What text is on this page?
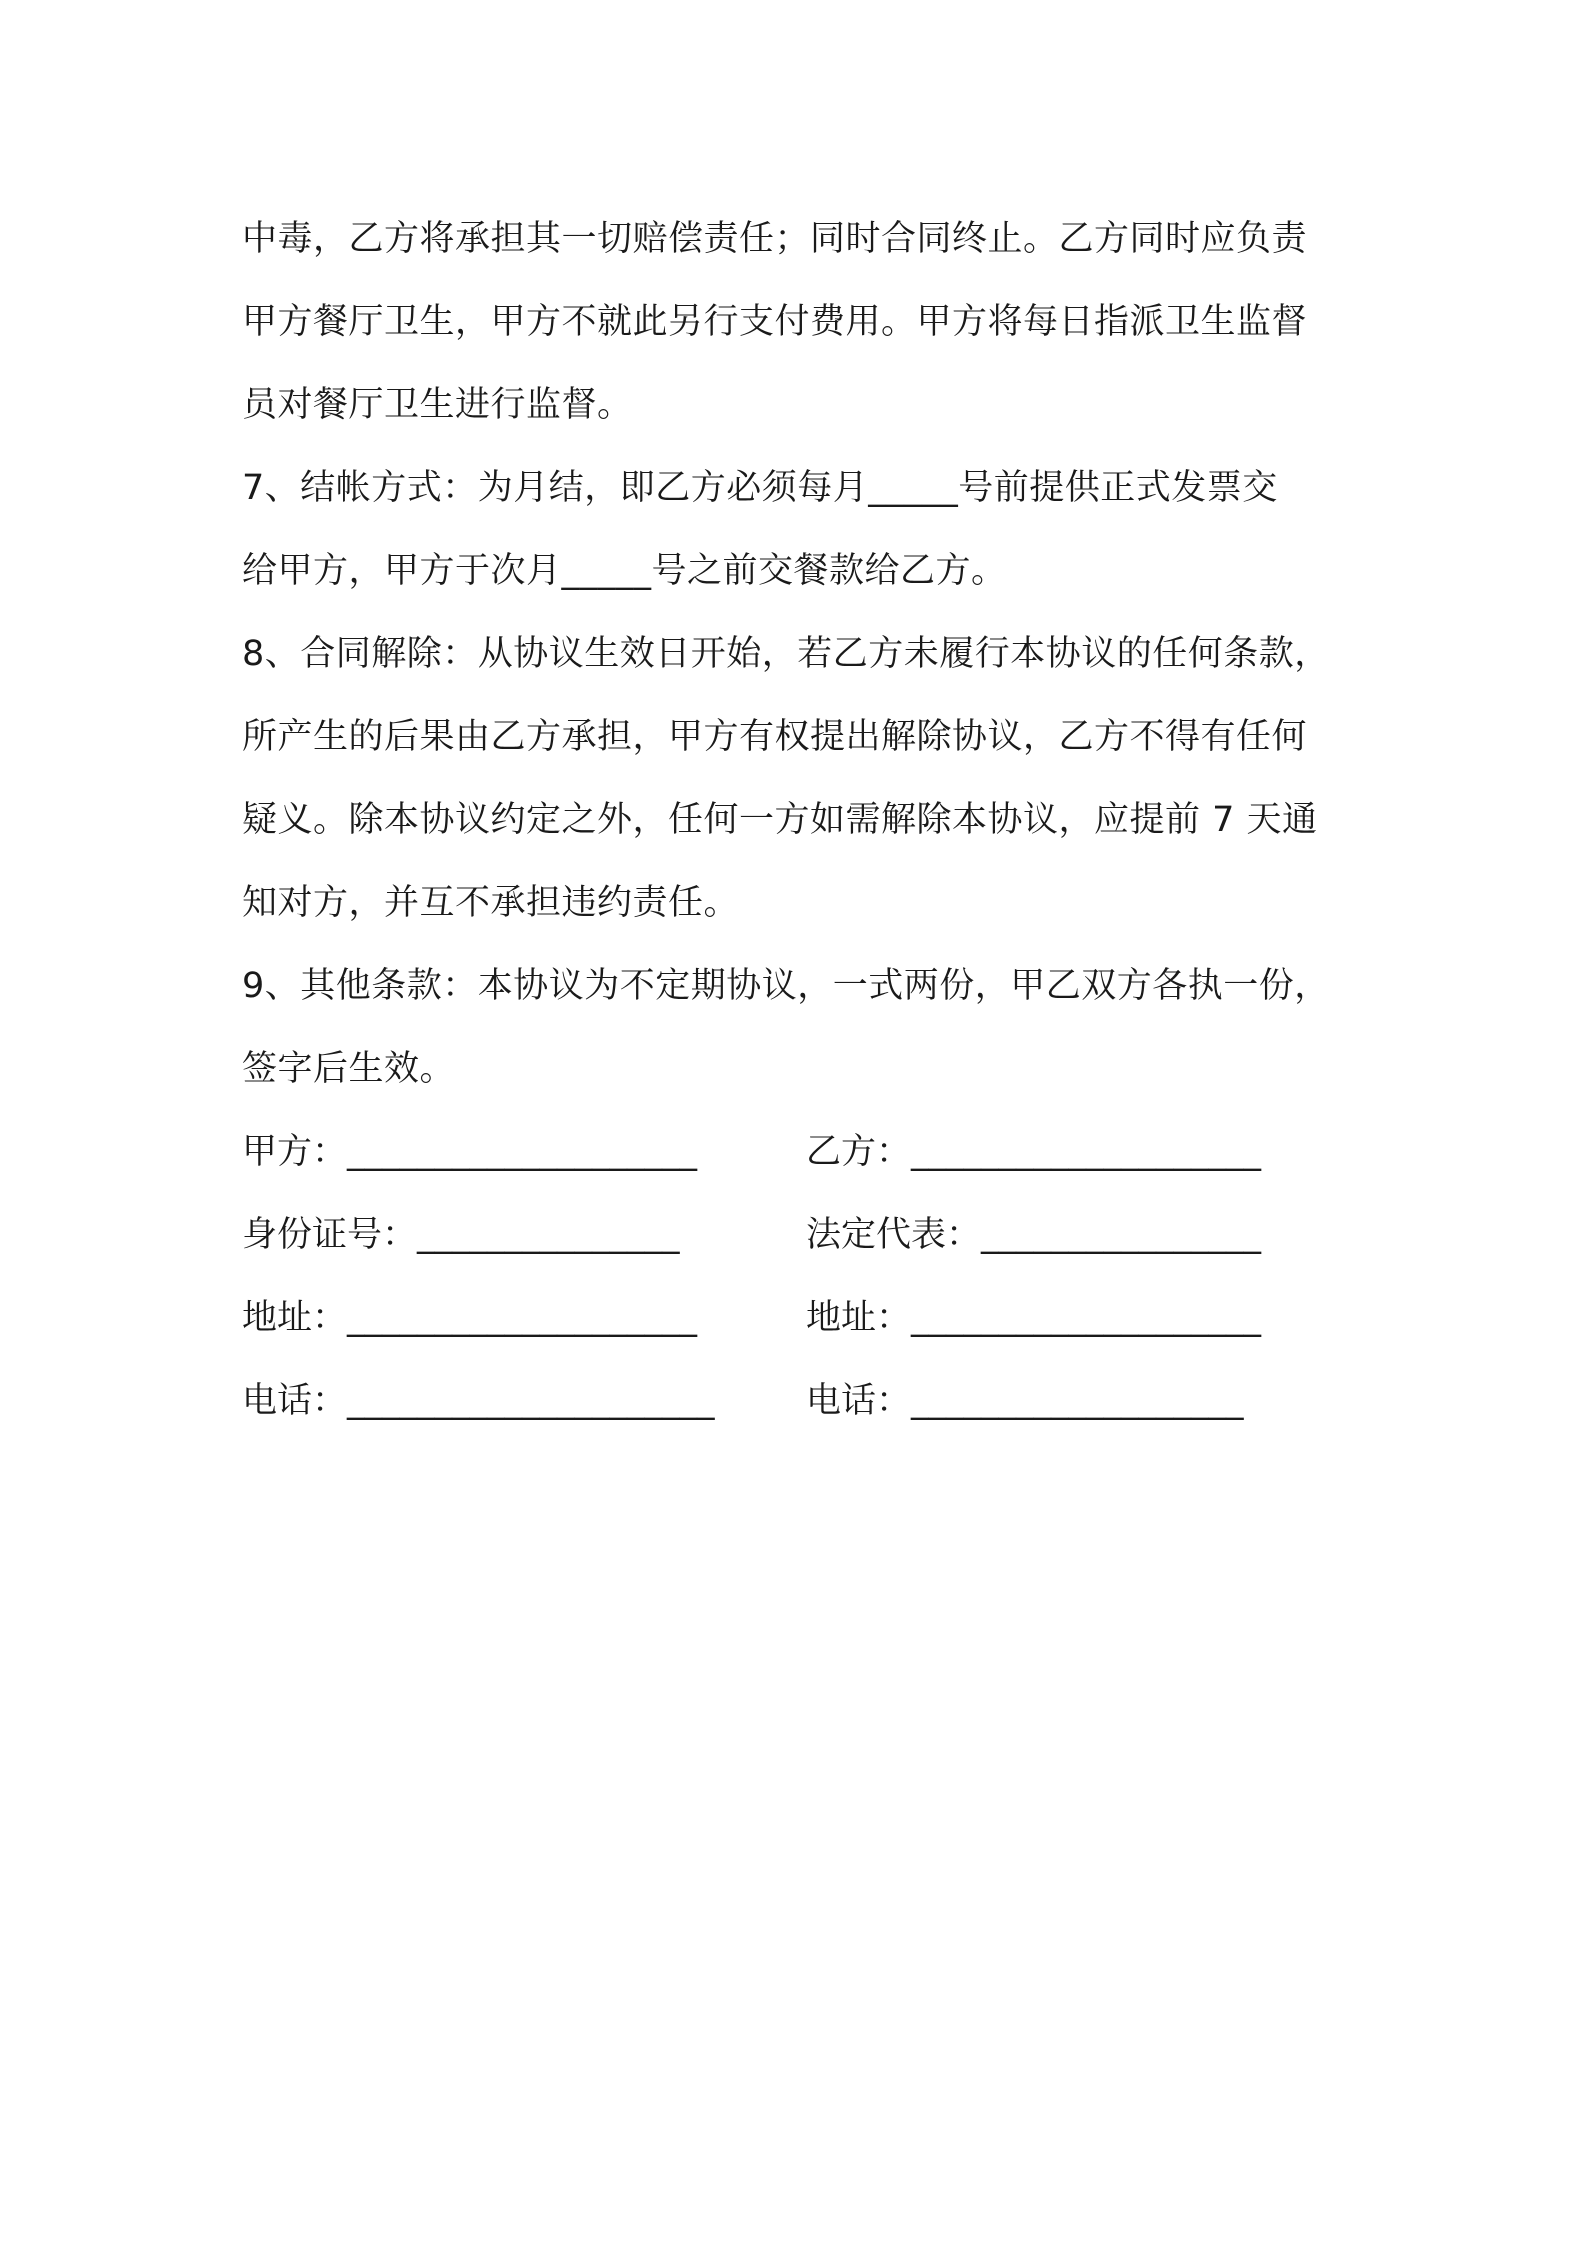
中毒，乙方将承担其一切赔偿责任；同时合同终止。乙方同时应负责
甲方餐厅卫生，甲方不就此另行支付费用。甲方将每日指派卫生监督
员对餐厅卫生进行监督。
7、结帐方式：为月结，即乙方必须每月_____号前提供正式发票交
给甲方，甲方于次月_____号之前交餐款给乙方。
8、合同解除：从协议生效日开始，若乙方未履行本协议的任何条款，
所产生的后果由乙方承担，甲方有权提出解除协议，乙方不得有任何
疑义。除本协议约定之外，任何一方如需解除本协议，应提前 7 天通
知对方，并互不承担违约责任。
9、其他条款：本协议为不定期协议，一式两份，甲乙双方各执一份，
签字后生效。
甲方：____________________	乙方：____________________
身份证号：_______________	法定代表：________________
地址：____________________	地址：____________________
电话：_____________________	电话：___________________
